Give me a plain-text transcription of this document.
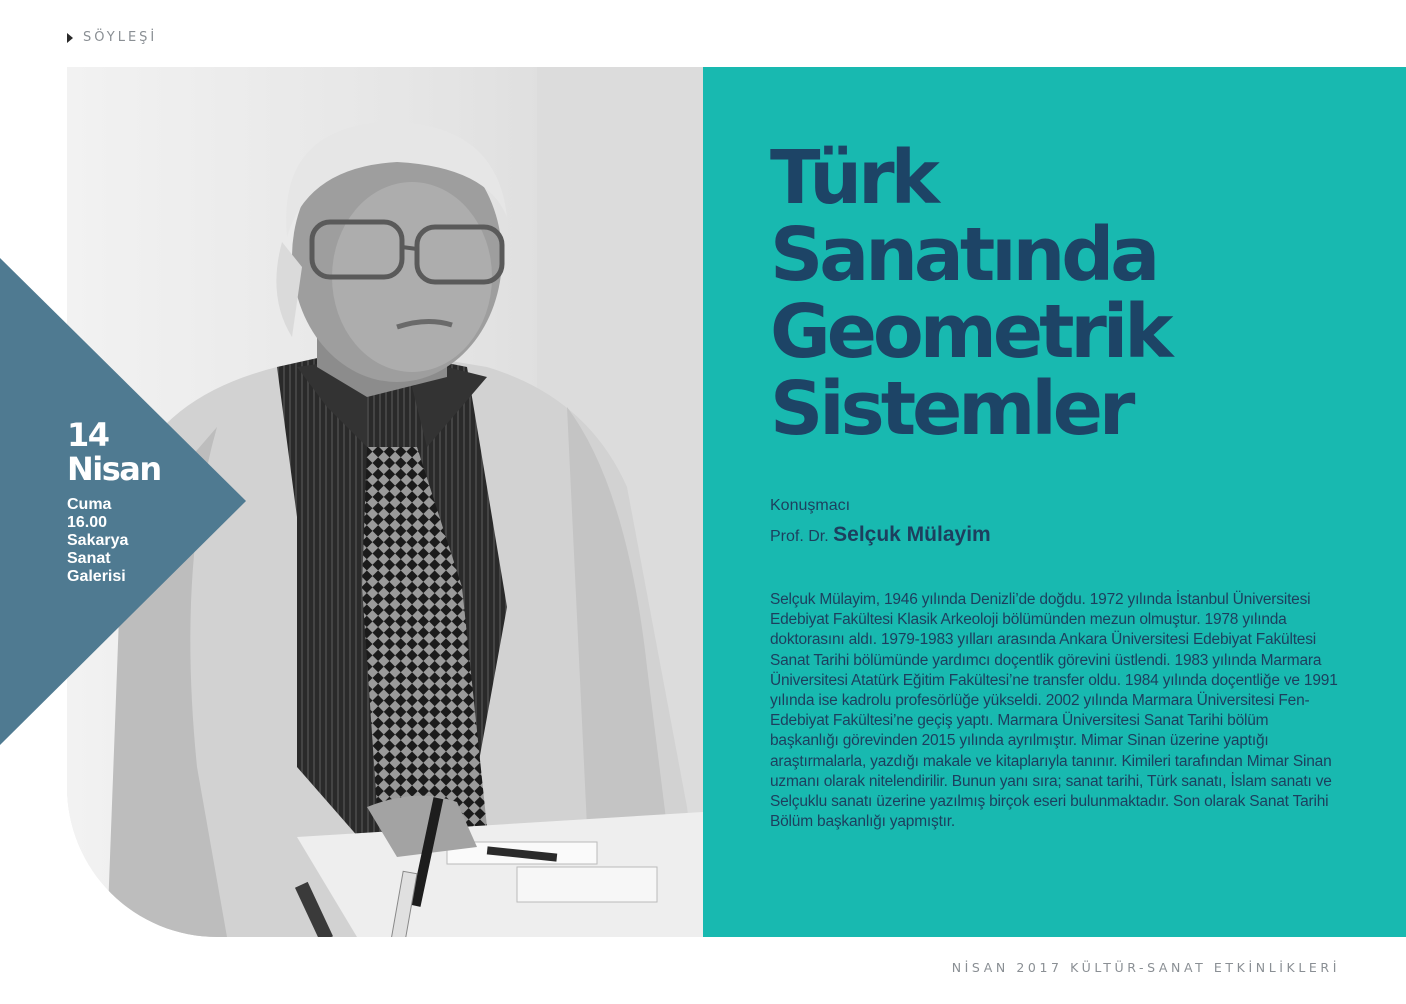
SÖYLEŞİ
14
Nisan
Cuma
16.00
Sakarya
Sanat
Galerisi
Türk
Sanatında
Geometrik
Sistemler
Konuşmacı
Prof. Dr. Selçuk Mülayim

Selçuk Mülayim, 1946 yılında Denizli’de doğdu. 1972 yılında İstanbul Üniversitesi Edebiyat Fakültesi Klasik Arkeoloji bölümünden mezun olmuştur. 1978 yılında doktorasını aldı. 1979-1983 yılları arasında Ankara Üniversitesi Edebiyat Fakültesi Sanat Tarihi bölümünde yardımcı doçentlik görevini üstlendi. 1983 yılında Marmara Üniversitesi Atatürk Eğitim Fakültesi’ne transfer oldu. 1984 yılında doçentliğe ve 1991 yılında ise kadrolu profesörlüğe yükseldi. 2002 yılında Marmara Üniversitesi Fen-Edebiyat Fakültesi’ne geçiş yaptı. Marmara Üniversitesi Sanat Tarihi bölüm başkanlığı görevinden 2015 yılında ayrılmıştır. Mimar Sinan üzerine yaptığı araştırmalarla, yazdığı makale ve kitaplarıyla tanınır. Kimileri tarafından Mimar Sinan uzmanı olarak nitelendirilir. Bunun yanı sıra; sanat tarihi, Türk sanatı, İslam sanatı ve Selçuklu sanatı üzerine yazılmış birçok eseri bulunmaktadır. Son olarak Sanat Tarihi Bölüm başkanlığı yapmıştır.

NİSAN 2017 KÜLTÜR-SANAT ETKİNLİKLERİ
